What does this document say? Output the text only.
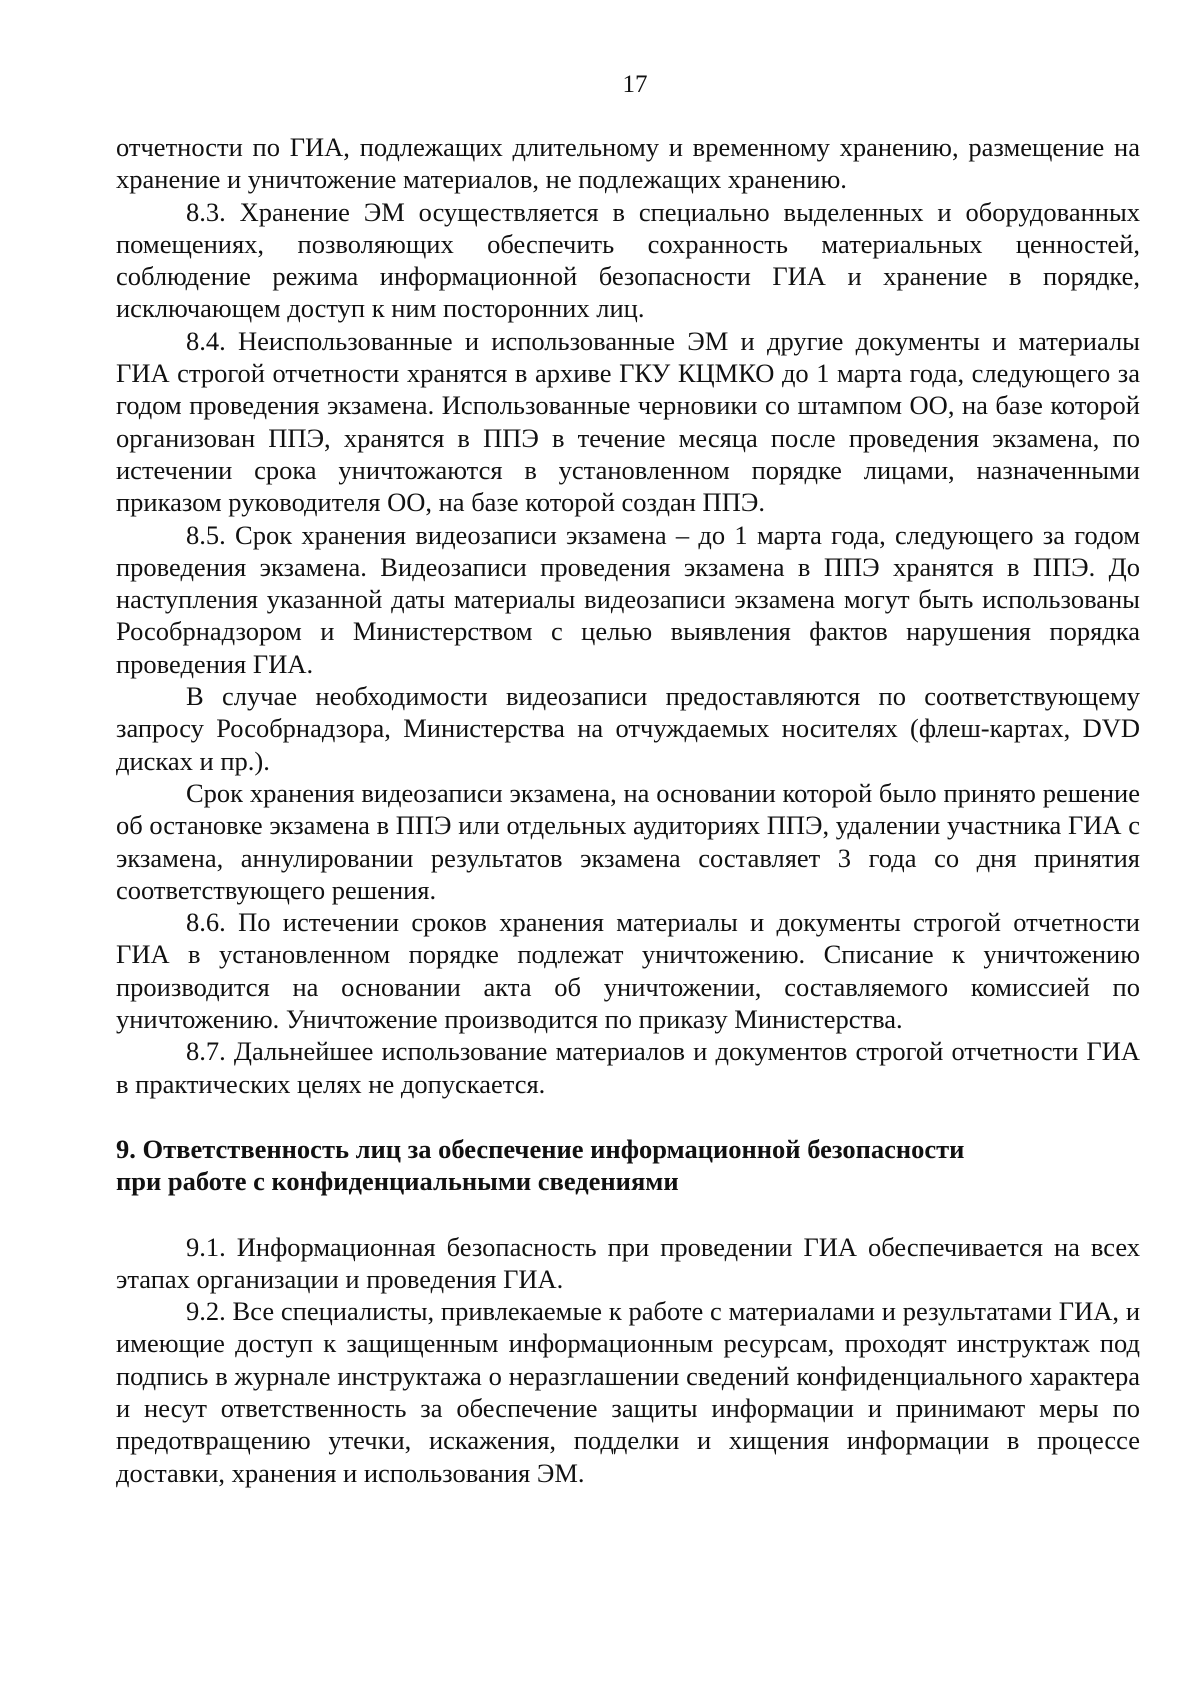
17

отчетности по ГИА, подлежащих длительному и временному хранению, размещение на хранение и уничтожение материалов, не подлежащих хранению.

8.3. Хранение ЭМ осуществляется в специально выделенных и оборудованных помещениях, позволяющих обеспечить сохранность материальных ценностей, соблюдение режима информационной безопасности ГИА и хранение в порядке, исключающем доступ к ним посторонних лиц.

8.4. Неиспользованные и использованные ЭМ и другие документы и материалы ГИА строгой отчетности хранятся в архиве ГКУ КЦМКО до 1 марта года, следующего за годом проведения экзамена. Использованные черновики со штампом ОО, на базе которой организован ППЭ, хранятся в ППЭ в течение месяца после проведения экзамена, по истечении срока уничтожаются в установленном порядке лицами, назначенными приказом руководителя ОО, на базе которой создан ППЭ.

8.5. Срок хранения видеозаписи экзамена – до 1 марта года, следующего за годом проведения экзамена. Видеозаписи проведения экзамена в ППЭ хранятся в ППЭ. До наступления указанной даты материалы видеозаписи экзамена могут быть использованы Рособрнадзором и Министерством с целью выявления фактов нарушения порядка проведения ГИА.

В случае необходимости видеозаписи предоставляются по соответствующему запросу Рособрнадзора, Министерства на отчуждаемых носителях (флеш-картах, DVD дисках и пр.).

Срок хранения видеозаписи экзамена, на основании которой было принято решение об остановке экзамена в ППЭ или отдельных аудиториях ППЭ, удалении участника ГИА с экзамена, аннулировании результатов экзамена составляет 3 года со дня принятия соответствующего решения.

8.6. По истечении сроков хранения материалы и документы строгой отчетности ГИА в установленном порядке подлежат уничтожению. Списание к уничтожению производится на основании акта об уничтожении, составляемого комиссией по уничтожению. Уничтожение производится по приказу Министерства.

8.7. Дальнейшее использование материалов и документов строгой отчетности ГИА в практических целях не допускается.

9. Ответственность лиц за обеспечение информационной безопасности
при работе с конфиденциальными сведениями

9.1. Информационная безопасность при проведении ГИА обеспечивается на всех этапах организации и проведения ГИА.

9.2. Все специалисты, привлекаемые к работе с материалами и результатами ГИА, и имеющие доступ к защищенным информационным ресурсам, проходят инструктаж под подпись в журнале инструктажа о неразглашении сведений конфиденциального характера и несут ответственность за обеспечение защиты информации и принимают меры по предотвращению утечки, искажения, подделки и хищения информации в процессе доставки, хранения и использования ЭМ.
